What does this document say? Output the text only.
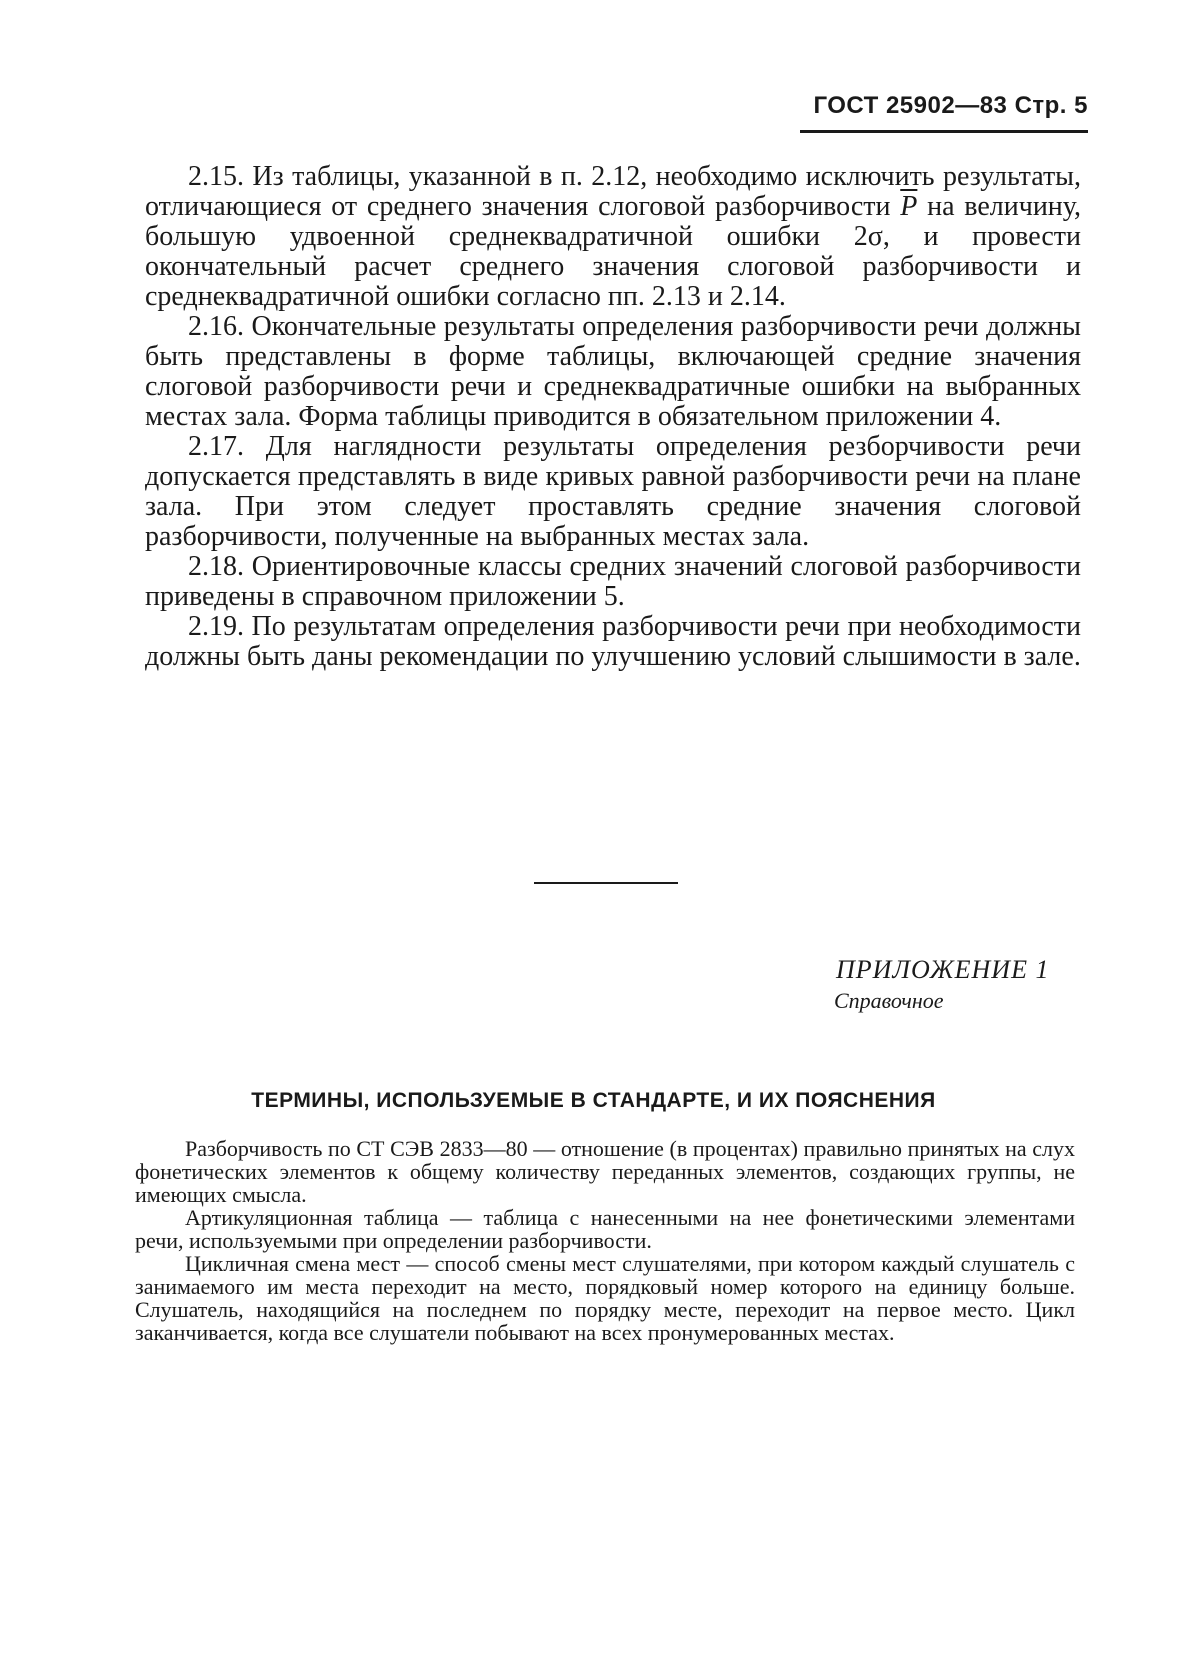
ГОСТ 25902—83 Стр. 5

2.15. Из таблицы, указанной в п. 2.12, необходимо исключить результаты, отличающиеся от среднего значения слоговой разборчивости $\overline{P}$ на величину, большую удвоенной среднеквадратичной ошибки 2σ, и провести окончательный расчет среднего значения слоговой разборчивости и среднеквадратичной ошибки согласно пп. 2.13 и 2.14.

2.16. Окончательные результаты определения разборчивости речи должны быть представлены в форме таблицы, включающей средние значения слоговой разборчивости речи и среднеквадратичные ошибки на выбранных местах зала. Форма таблицы приводится в обязательном приложении 4.

2.17. Для наглядности результаты определения резборчивости речи допускается представлять в виде кривых равной разборчивости речи на плане зала. При этом следует проставлять средние значения слоговой разборчивости, полученные на выбранных местах зала.

2.18. Ориентировочные классы средних значений слоговой разборчивости приведены в справочном приложении 5.

2.19. По результатам определения разборчивости речи при необходимости должны быть даны рекомендации по улучшению условий слышимости в зале.

ПРИЛОЖЕНИЕ 1
Справочное
ТЕРМИНЫ, ИСПОЛЬЗУЕМЫЕ В СТАНДАРТЕ, И ИХ ПОЯСНЕНИЯ

Разборчивость по СТ СЭВ 2833—80 — отношение (в процентах) правильно принятых на слух фонетических элементов к общему количеству переданных элементов, создающих группы, не имеющих смысла.

Артикуляционная таблица — таблица с нанесенными на нее фонетическими элементами речи, используемыми при определении разборчивости.

Цикличная смена мест — способ смены мест слушателями, при котором каждый слушатель с занимаемого им места переходит на место, порядковый номер которого на единицу больше. Слушатель, находящийся на последнем по порядку месте, переходит на первое место. Цикл заканчивается, когда все слушатели побывают на всех пронумерованных местах.
